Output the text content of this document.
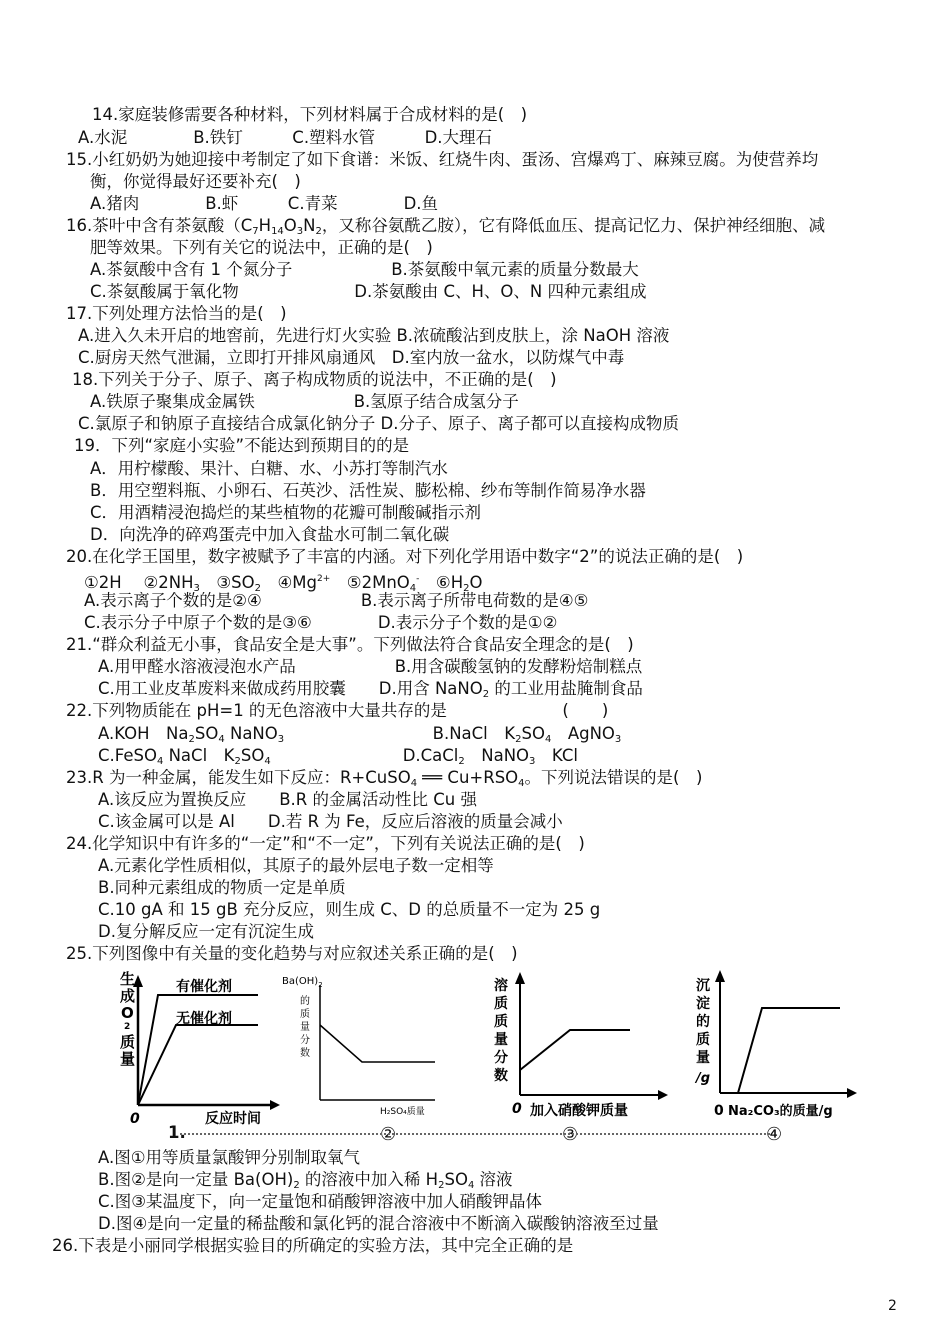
14.家庭装修需要各种材料，下列材料属于合成材料的是(　)
A.水泥　　　　B.铁钉　　　C.塑料水管　　　D.大理石
15.小红奶奶为她迎接中考制定了如下食谱：米饭、红烧牛肉、蛋汤、宫爆鸡丁、麻辣豆腐。为使营养均
衡，你觉得最好还要补充(　)
A.猪肉　　　　B.虾　　　C.青菜　　　　D.鱼
16.茶叶中含有茶氨酸（$C_7H_{14}O_3N_2$，又称谷氨酰乙胺），它有降低血压、提高记忆力、保护神经细胞、减
肥等效果。下列有关它的说法中，正确的是(　)
A.茶氨酸中含有 1 个氮分子　　　　　　B.茶氨酸中氧元素的质量分数最大
C.茶氨酸属于氧化物　　　　　　　D.茶氨酸由 C、H、O、N 四种元素组成
17.下列处理方法恰当的是(　)
A.进入久未开启的地窖前，先进行灯火实验 B.浓硫酸沾到皮肤上，涂 NaOH 溶液
C.厨房天然气泄漏，立即打开排风扇通风　D.室内放一盆水，以防煤气中毒
18.下列关于分子、原子、离子构成物质的说法中，不正确的是(　)
A.铁原子聚集成金属铁　　　　　　B.氢原子结合成氢分子
C.氯原子和钠原子直接结合成氯化钠分子 D.分子、原子、离子都可以直接构成物质
19．下列“家庭小实验”不能达到预期目的的是
A．用柠檬酸、果汁、白糖、水、小苏打等制汽水
B．用空塑料瓶、小卵石、石英沙、活性炭、膨松棉、纱布等制作简易净水器
C．用酒精浸泡捣烂的某些植物的花瓣可制酸碱指示剂
D．向洗净的碎鸡蛋壳中加入食盐水可制二氧化碳
20.在化学王国里，数字被赋予了丰富的内涵。对下列化学用语中数字“2”的说法正确的是(　)
①2H　 $②2NH_3$　$③SO_2$　$④Mg^{2+}$　⑤2MnO$_4$-　$⑥H_2O$
A.表示离子个数的是②④　　　　　　B.表示离子所带电荷数的是④⑤
C.表示分子中原子个数的是③⑥　　　　D.表示分子个数的是①②
21.“群众利益无小事，食品安全是大事”。下列做法符合食品安全理念的是(　)
A.用甲醛水溶液浸泡水产品　　　　　　B.用含碳酸氢钠的发酵粉焙制糕点
C.用工业皮革废料来做成药用胶囊　　D.用含 NaNO$_2$ 的工业用盐腌制食品
22.下列物质能在 pH=1 的无色溶液中大量共存的是　　　　　　　(　　)
A.KOH　$Na_2SO_4$ NaNO$_3$　　　　　　　　　B.NaCl　$K_2SO_4$　AgNO$_3$
C.FeSO$_4$ NaCl　$K_2SO_4$　　　　　　　　D.CaCl$_2$　NaNO$_3$　KCl
23.R 为一种金属，能发生如下反应：R+CuSO$_4$ ══ $Cu+RSO_4$。下列说法错误的是(　)
A.该反应为置换反应　　B.R 的金属活动性比 Cu 强
C.该金属可以是 Al　　D.若 R 为 Fe，反应后溶液的质量会减小
24.化学知识中有许多的“一定”和“不一定”，下列有关说法正确的是(　)
A.元素化学性质相似，其原子的最外层电子数一定相等
B.同种元素组成的物质一定是单质
C.10 gA 和 15 gB 充分反应，则生成 C、D 的总质量不一定为 25 g
D.复分解反应一定有沉淀生成
25.下列图像中有关量的变化趋势与对应叙述关系正确的是(　)
生
成
O
2
质
量
有催化剂
无催化剂
0	反应时间
1.
$Ba(OH)_2$
的
质
量
分
数
H₂SO₄质量
②
溶
质
质
量
分
数
0 加入硝酸钾质量
③
沉
淀
的
质
量
/g
0 Na₂CO₃的质量/g
④
A.图①用等质量氯酸钾分别制取氧气
B.图②是向一定量 $Ba(OH)_2$ 的溶液中加入稀 $H_2SO_4$ 溶液
C.图③某温度下，向一定量饱和硝酸钾溶液中加人硝酸钾晶体
D.图④是向一定量的稀盐酸和氯化钙的混合溶液中不断滴入碳酸钠溶液至过量
26.下表是小丽同学根据实验目的所确定的实验方法，其中完全正确的是
2
